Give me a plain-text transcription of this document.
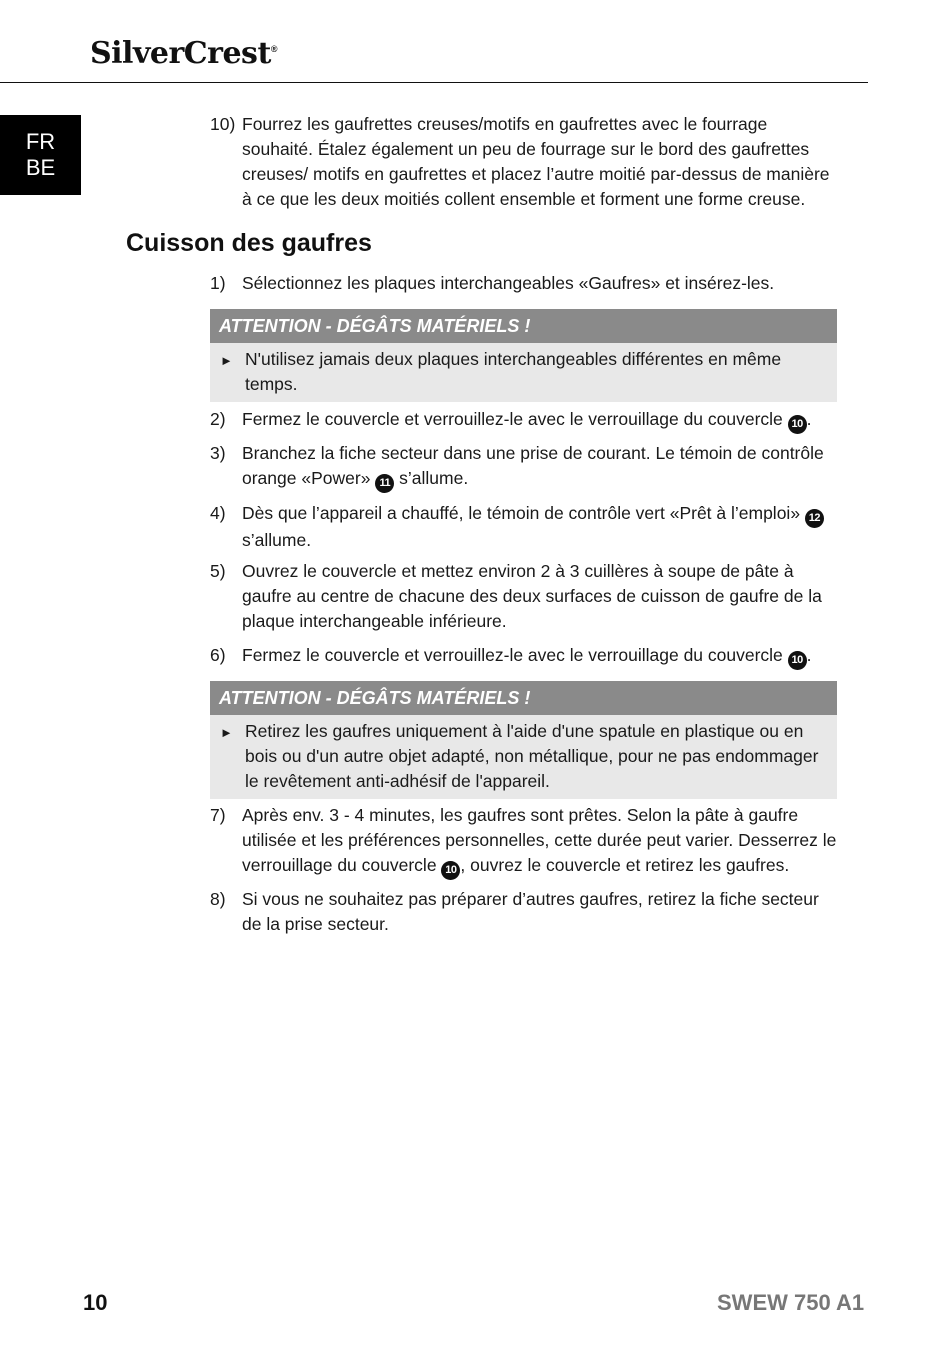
SilverCrest®
FR
BE
10) Fourrez les gaufrettes creuses/motifs en gaufrettes avec le fourrage souhaité. Étalez également un peu de fourrage sur le bord des gaufrettes creuses/ motifs en gaufrettes et placez l’autre moitié par-dessus de manière à ce que les deux moitiés collent ensemble et forment une forme creuse.
Cuisson des gaufres
1) Sélectionnez les plaques interchangeables «Gaufres» et insérez-les.
ATTENTION - DÉGÂTS MATÉRIELS !
► N'utilisez jamais deux plaques interchangeables différentes en même temps.
2) Fermez le couvercle et verrouillez-le avec le verrouillage du couvercle 10 .
3) Branchez la fiche secteur dans une prise de courant. Le témoin de contrôle orange «Power» 11 s’allume.
4) Dès que l’appareil a chauffé, le témoin de contrôle vert «Prêt à l’emploi» 12 s’allume.
5) Ouvrez le couvercle et mettez environ 2 à 3 cuillères à soupe de pâte à gaufre au centre de chacune des deux surfaces de cuisson de gaufre de la plaque interchangeable inférieure.
6) Fermez le couvercle et verrouillez-le avec le verrouillage du couvercle 10 .
ATTENTION - DÉGÂTS MATÉRIELS !
► Retirez les gaufres uniquement à l'aide d'une spatule en plastique ou en bois ou d'un autre objet adapté, non métallique, pour ne pas endommager le revêtement anti-adhésif de l'appareil.
7) Après env. 3 - 4 minutes, les gaufres sont prêtes. Selon la pâte à gaufre utilisée et les préférences personnelles, cette durée peut varier. Desserrez le verrouillage du couvercle 10 , ouvrez le couvercle et retirez les gaufres.
8) Si vous ne souhaitez pas préparer d’autres gaufres, retirez la fiche secteur de la prise secteur.
10	SWEW 750 A1
